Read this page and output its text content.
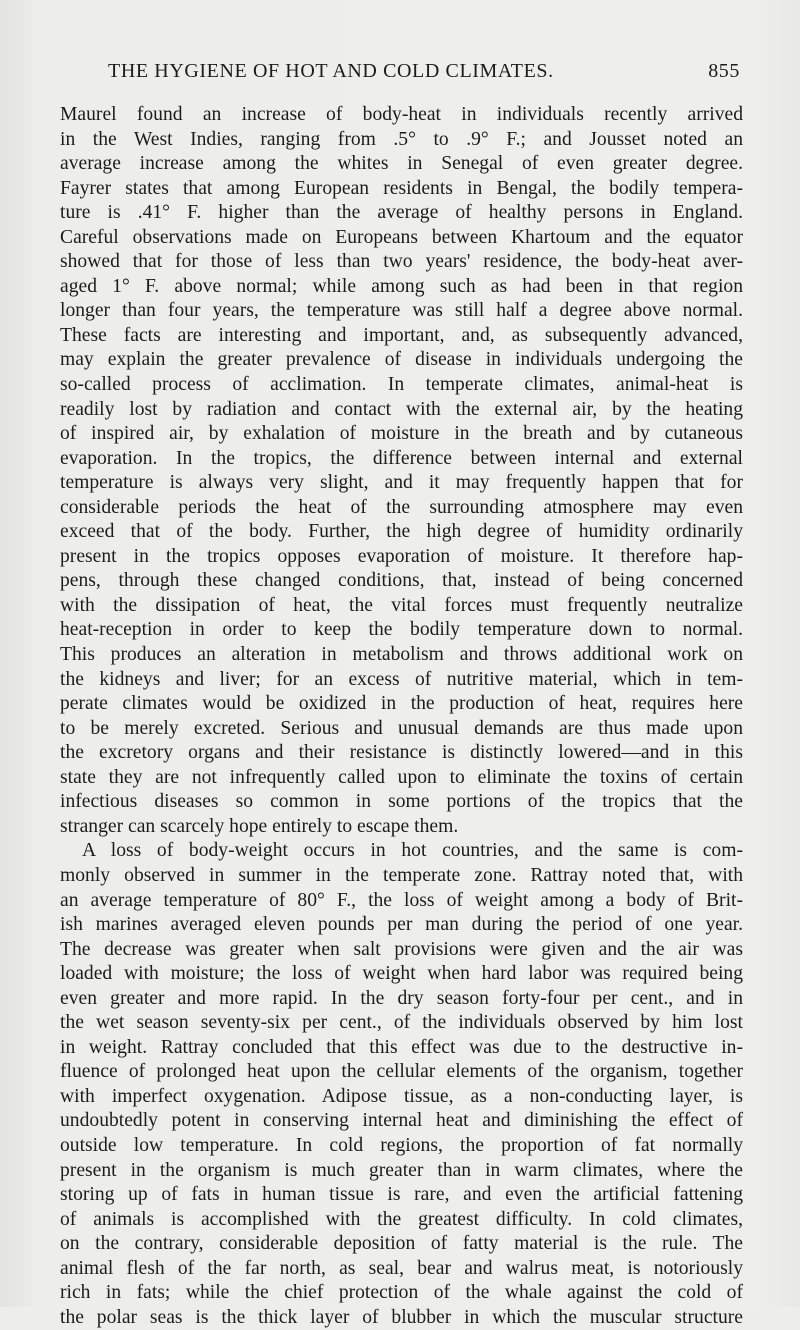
THE HYGIENE OF HOT AND COLD CLIMATES.	855
Maurel found an increase of body-heat in individuals recently arrived
in the West Indies, ranging from .5° to .9° F.; and Jousset noted an
average increase among the whites in Senegal of even greater degree.
Fayrer states that among European residents in Bengal, the bodily tempera-
ture is .41° F. higher than the average of healthy persons in England.
Careful observations made on Europeans between Khartoum and the equator
showed that for those of less than two years' residence, the body-heat aver-
aged 1° F. above normal; while among such as had been in that region
longer than four years, the temperature was still half a degree above normal.
These facts are interesting and important, and, as subsequently advanced,
may explain the greater prevalence of disease in individuals undergoing the
so-called process of acclimation. In temperate climates, animal-heat is
readily lost by radiation and contact with the external air, by the heating
of inspired air, by exhalation of moisture in the breath and by cutaneous
evaporation. In the tropics, the difference between internal and external
temperature is always very slight, and it may frequently happen that for
considerable periods the heat of the surrounding atmosphere may even
exceed that of the body. Further, the high degree of humidity ordinarily
present in the tropics opposes evaporation of moisture. It therefore hap-
pens, through these changed conditions, that, instead of being concerned
with the dissipation of heat, the vital forces must frequently neutralize
heat-reception in order to keep the bodily temperature down to normal.
This produces an alteration in metabolism and throws additional work on
the kidneys and liver; for an excess of nutritive material, which in tem-
perate climates would be oxidized in the production of heat, requires here
to be merely excreted. Serious and unusual demands are thus made upon
the excretory organs and their resistance is distinctly lowered—and in this
state they are not infrequently called upon to eliminate the toxins of certain
infectious diseases so common in some portions of the tropics that the
stranger can scarcely hope entirely to escape them.
A loss of body-weight occurs in hot countries, and the same is com-
monly observed in summer in the temperate zone. Rattray noted that, with
an average temperature of 80° F., the loss of weight among a body of Brit-
ish marines averaged eleven pounds per man during the period of one year.
The decrease was greater when salt provisions were given and the air was
loaded with moisture; the loss of weight when hard labor was required being
even greater and more rapid. In the dry season forty-four per cent., and in
the wet season seventy-six per cent., of the individuals observed by him lost
in weight. Rattray concluded that this effect was due to the destructive in-
fluence of prolonged heat upon the cellular elements of the organism, together
with imperfect oxygenation. Adipose tissue, as a non-conducting layer, is
undoubtedly potent in conserving internal heat and diminishing the effect of
outside low temperature. In cold regions, the proportion of fat normally
present in the organism is much greater than in warm climates, where the
storing up of fats in human tissue is rare, and even the artificial fattening
of animals is accomplished with the greatest difficulty. In cold climates,
on the contrary, considerable deposition of fatty material is the rule. The
animal flesh of the far north, as seal, bear and walrus meat, is notoriously
rich in fats; while the chief protection of the whale against the cold of
the polar seas is the thick layer of blubber in which the muscular structure
